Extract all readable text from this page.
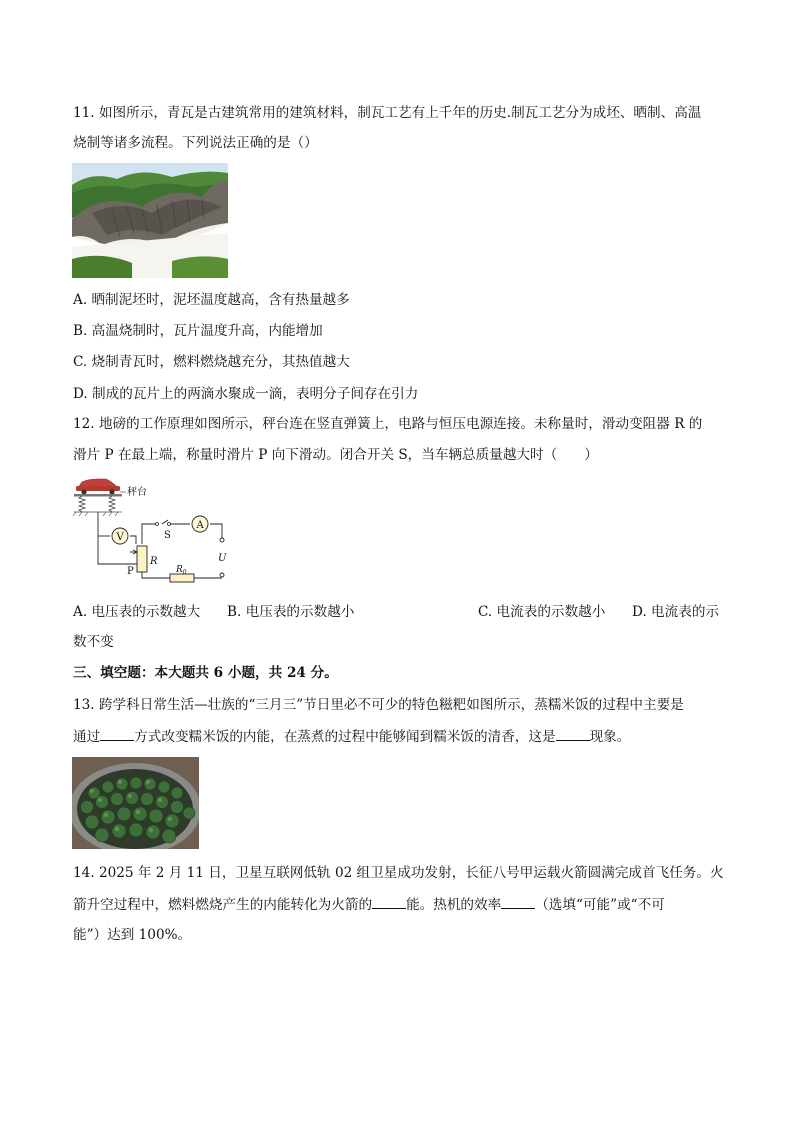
11. 如图所示，青瓦是古建筑常用的建筑材料，制瓦工艺有上千年的历史.制瓦工艺分为成坯、晒制、高温
烧制等诸多流程。下列说法正确的是（）
A. 晒制泥坯时，泥坯温度越高，含有热量越多
B. 高温烧制时，瓦片温度升高，内能增加
C. 烧制青瓦时，燃料燃烧越充分，其热值越大
D. 制成的瓦片上的两滴水聚成一滴，表明分子间存在引力
12. 地磅的工作原理如图所示，秤台连在竖直弹簧上，电路与恒压电源连接。未称量时，滑动变阻器 R 的
滑片 P 在最上端，称量时滑片 P 向下滑动。闭合开关 S，当车辆总质量越大时（　　）
秤台
V
R
P
S
A
U
$R_0$
A. 电压表的示数越大 B. 电压表的示数越小	C. 电流表的示数越小 D. 电流表的示
数不变
三、填空题：本大题共 6 小题，共 24 分。
13. 跨学科日常生活—壮族的“三月三”节日里必不可少的特色糍粑如图所示，蒸糯米饭的过程中主要是
通过	方式改变糯米饭的内能，在蒸煮的过程中能够闻到糯米饭的清香，这是	现象。
14. 2025 年 2 月 11 日，卫星互联网低轨 02 组卫星成功发射，长征八号甲运载火箭圆满完成首飞任务。火
箭升空过程中，燃料燃烧产生的内能转化为火箭的	能。热机的效率	（选填“可能”或“不可
能”）达到 100%。
